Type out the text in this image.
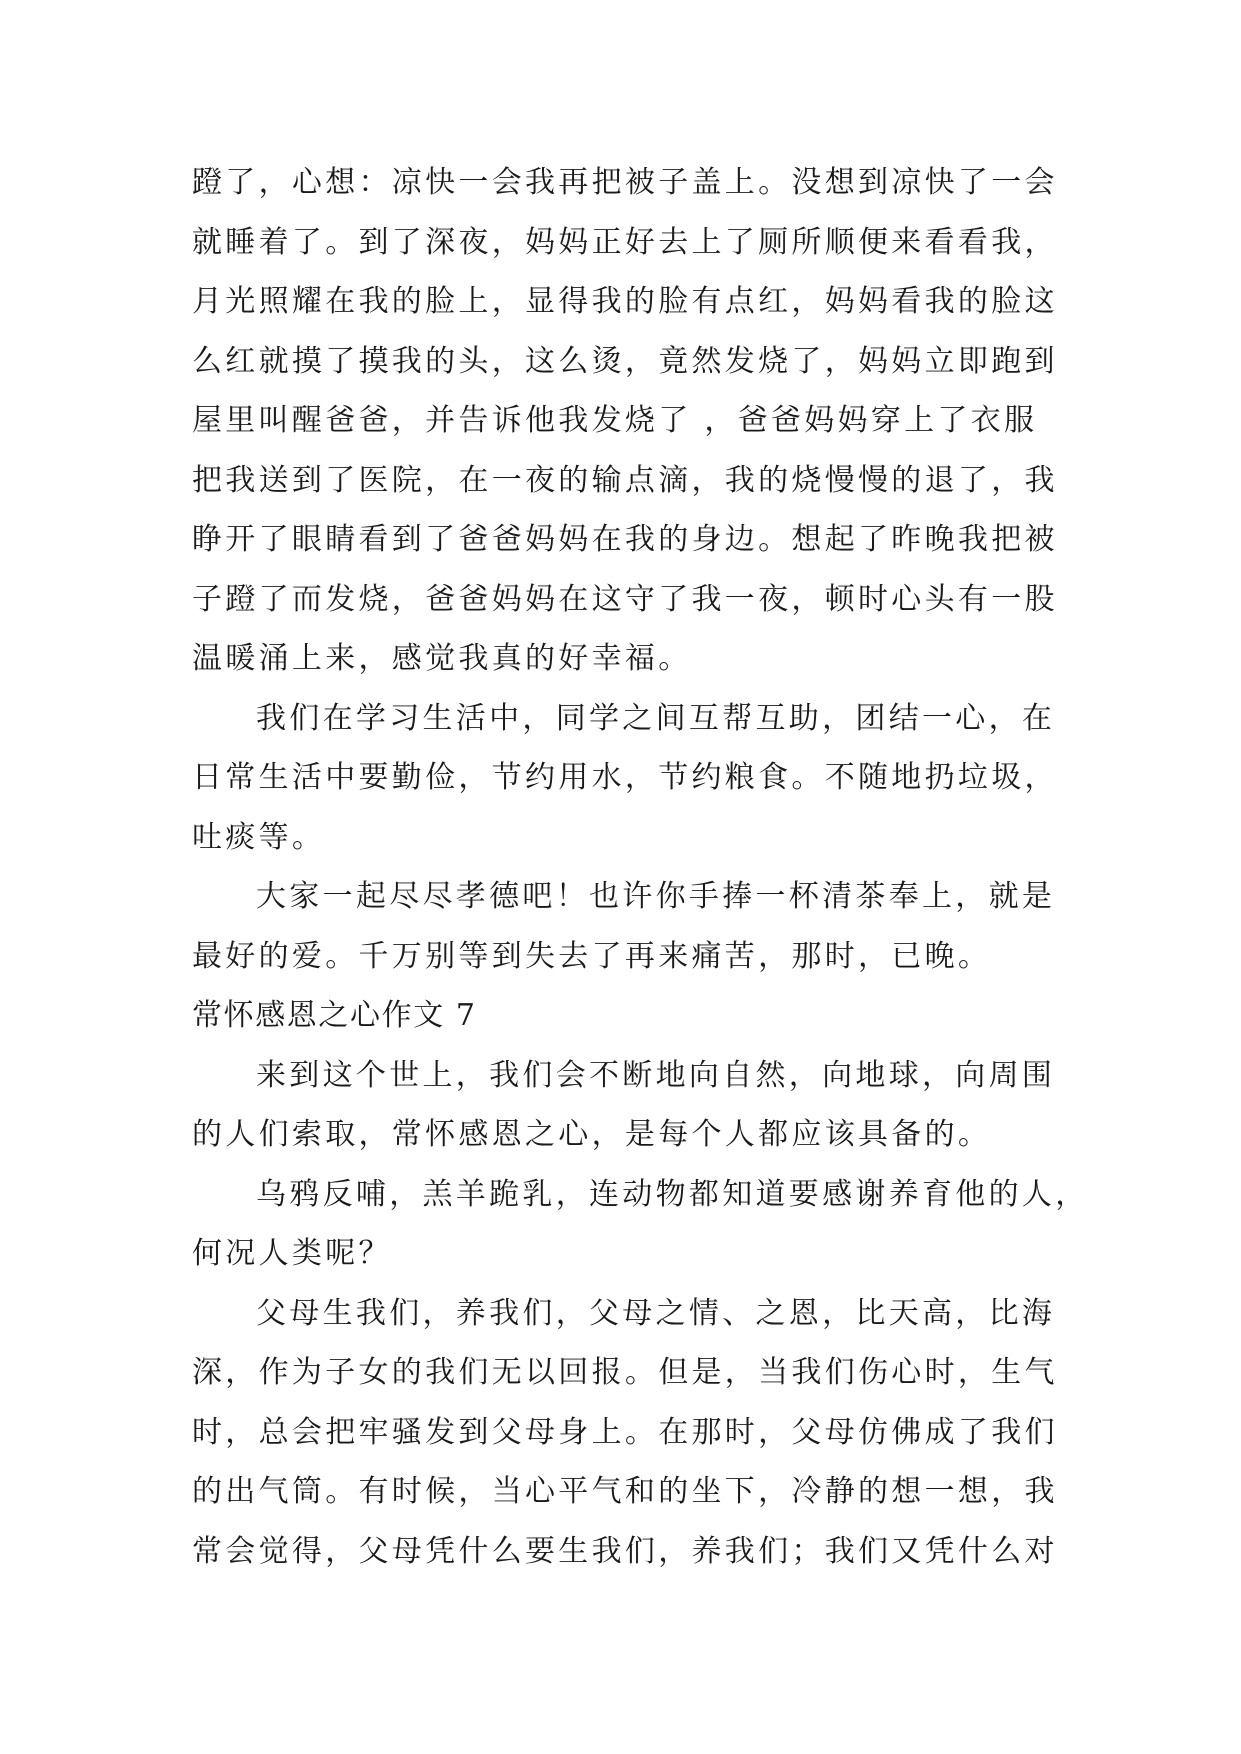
蹬了，心想：凉快一会我再把被子盖上。没想到凉快了一会
就睡着了。到了深夜，妈妈正好去上了厕所顺便来看看我，
月光照耀在我的脸上，显得我的脸有点红，妈妈看我的脸这
么红就摸了摸我的头，这么烫，竟然发烧了，妈妈立即跑到
屋里叫醒爸爸，并告诉他我发烧了 ，爸爸妈妈穿上了衣服
把我送到了医院，在一夜的输点滴，我的烧慢慢的退了，我
睁开了眼睛看到了爸爸妈妈在我的身边。想起了昨晚我把被
子蹬了而发烧，爸爸妈妈在这守了我一夜，顿时心头有一股
温暖涌上来，感觉我真的好幸福。
我们在学习生活中，同学之间互帮互助，团结一心，在
日常生活中要勤俭，节约用水，节约粮食。不随地扔垃圾，
吐痰等。
大家一起尽尽孝德吧！也许你手捧一杯清茶奉上，就是
最好的爱。千万别等到失去了再来痛苦，那时，已晚。
常怀感恩之心作文 7
来到这个世上，我们会不断地向自然，向地球，向周围
的人们索取，常怀感恩之心，是每个人都应该具备的。
乌鸦反哺，羔羊跪乳，连动物都知道要感谢养育他的人，
何况人类呢？
父母生我们，养我们，父母之情、之恩，比天高，比海
深，作为子女的我们无以回报。但是，当我们伤心时，生气
时，总会把牢骚发到父母身上。在那时，父母仿佛成了我们
的出气筒。有时候，当心平气和的坐下，冷静的想一想，我
常会觉得，父母凭什么要生我们，养我们；我们又凭什么对
